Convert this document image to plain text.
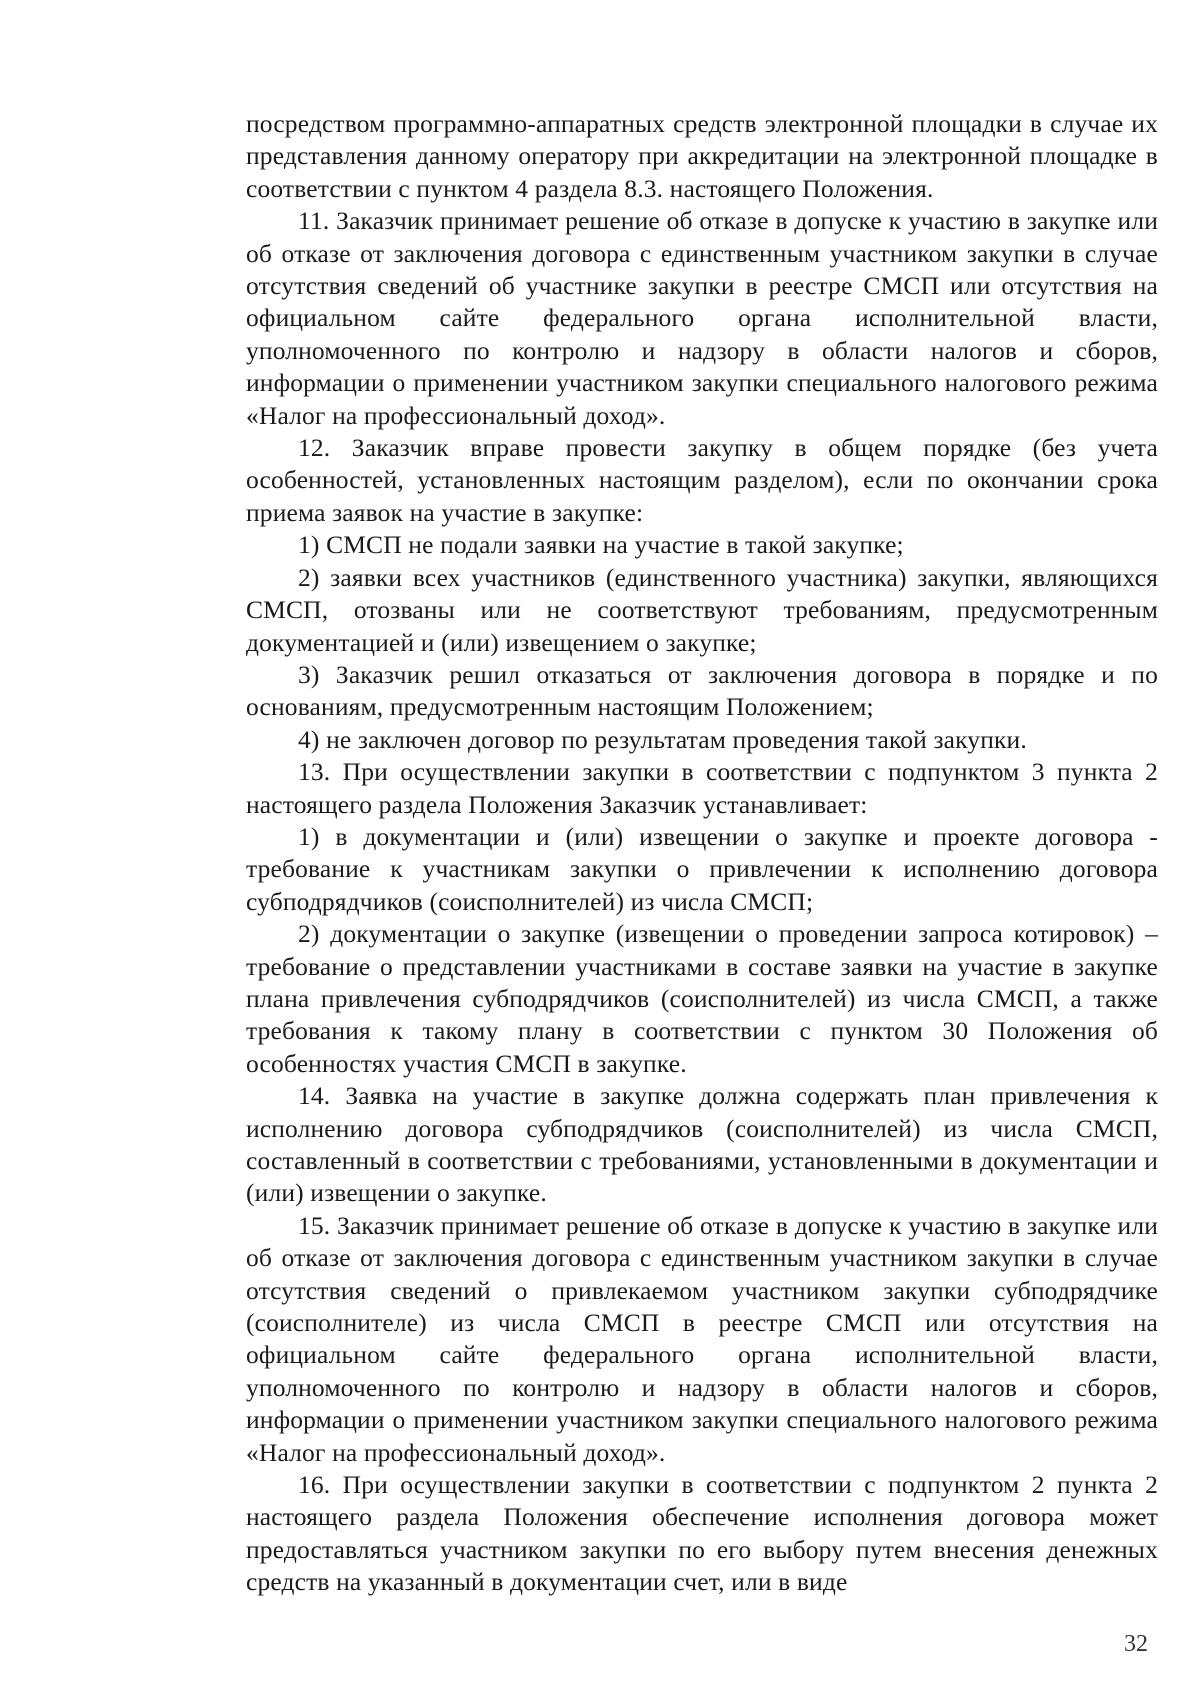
посредством программно-аппаратных средств электронной площадки в случае их представления данному оператору при аккредитации на электронной площадке в соответствии с пунктом 4 раздела 8.3. настоящего Положения.

11. Заказчик принимает решение об отказе в допуске к участию в закупке или об отказе от заключения договора с единственным участником закупки в случае отсутствия сведений об участнике закупки в реестре СМСП или отсутствия на официальном сайте федерального органа исполнительной власти, уполномоченного по контролю и надзору в области налогов и сборов, информации о применении участником закупки специального налогового режима «Налог на профессиональный доход».

12. Заказчик вправе провести закупку в общем порядке (без учета особенностей, установленных настоящим разделом), если по окончании срока приема заявок на участие в закупке:

1) СМСП не подали заявки на участие в такой закупке;

2) заявки всех участников (единственного участника) закупки, являющихся СМСП, отозваны или не соответствуют требованиям, предусмотренным документацией и (или) извещением о закупке;

3) Заказчик решил отказаться от заключения договора в порядке и по основаниям, предусмотренным настоящим Положением;

4) не заключен договор по результатам проведения такой закупки.

13. При осуществлении закупки в соответствии с подпунктом 3 пункта 2 настоящего раздела Положения Заказчик устанавливает:

1) в документации и (или) извещении о закупке и проекте договора - требование к участникам закупки о привлечении к исполнению договора субподрядчиков (соисполнителей) из числа СМСП;

2) документации о закупке (извещении о проведении запроса котировок) – требование о представлении участниками в составе заявки на участие в закупке плана привлечения субподрядчиков (соисполнителей) из числа СМСП, а также требования к такому плану в соответствии с пунктом 30 Положения об особенностях участия СМСП в закупке.

14. Заявка на участие в закупке должна содержать план привлечения к исполнению договора субподрядчиков (соисполнителей) из числа СМСП, составленный в соответствии с требованиями, установленными в документации и (или) извещении о закупке.

15. Заказчик принимает решение об отказе в допуске к участию в закупке или об отказе от заключения договора с единственным участником закупки в случае отсутствия сведений о привлекаемом участником закупки субподрядчике (соисполнителе) из числа СМСП в реестре СМСП или отсутствия на официальном сайте федерального органа исполнительной власти, уполномоченного по контролю и надзору в области налогов и сборов, информации о применении участником закупки специального налогового режима «Налог на профессиональный доход».

16. При осуществлении закупки в соответствии с подпунктом 2 пункта 2 настоящего раздела Положения обеспечение исполнения договора может предоставляться участником закупки по его выбору путем внесения денежных средств на указанный в документации счет, или в виде

32
